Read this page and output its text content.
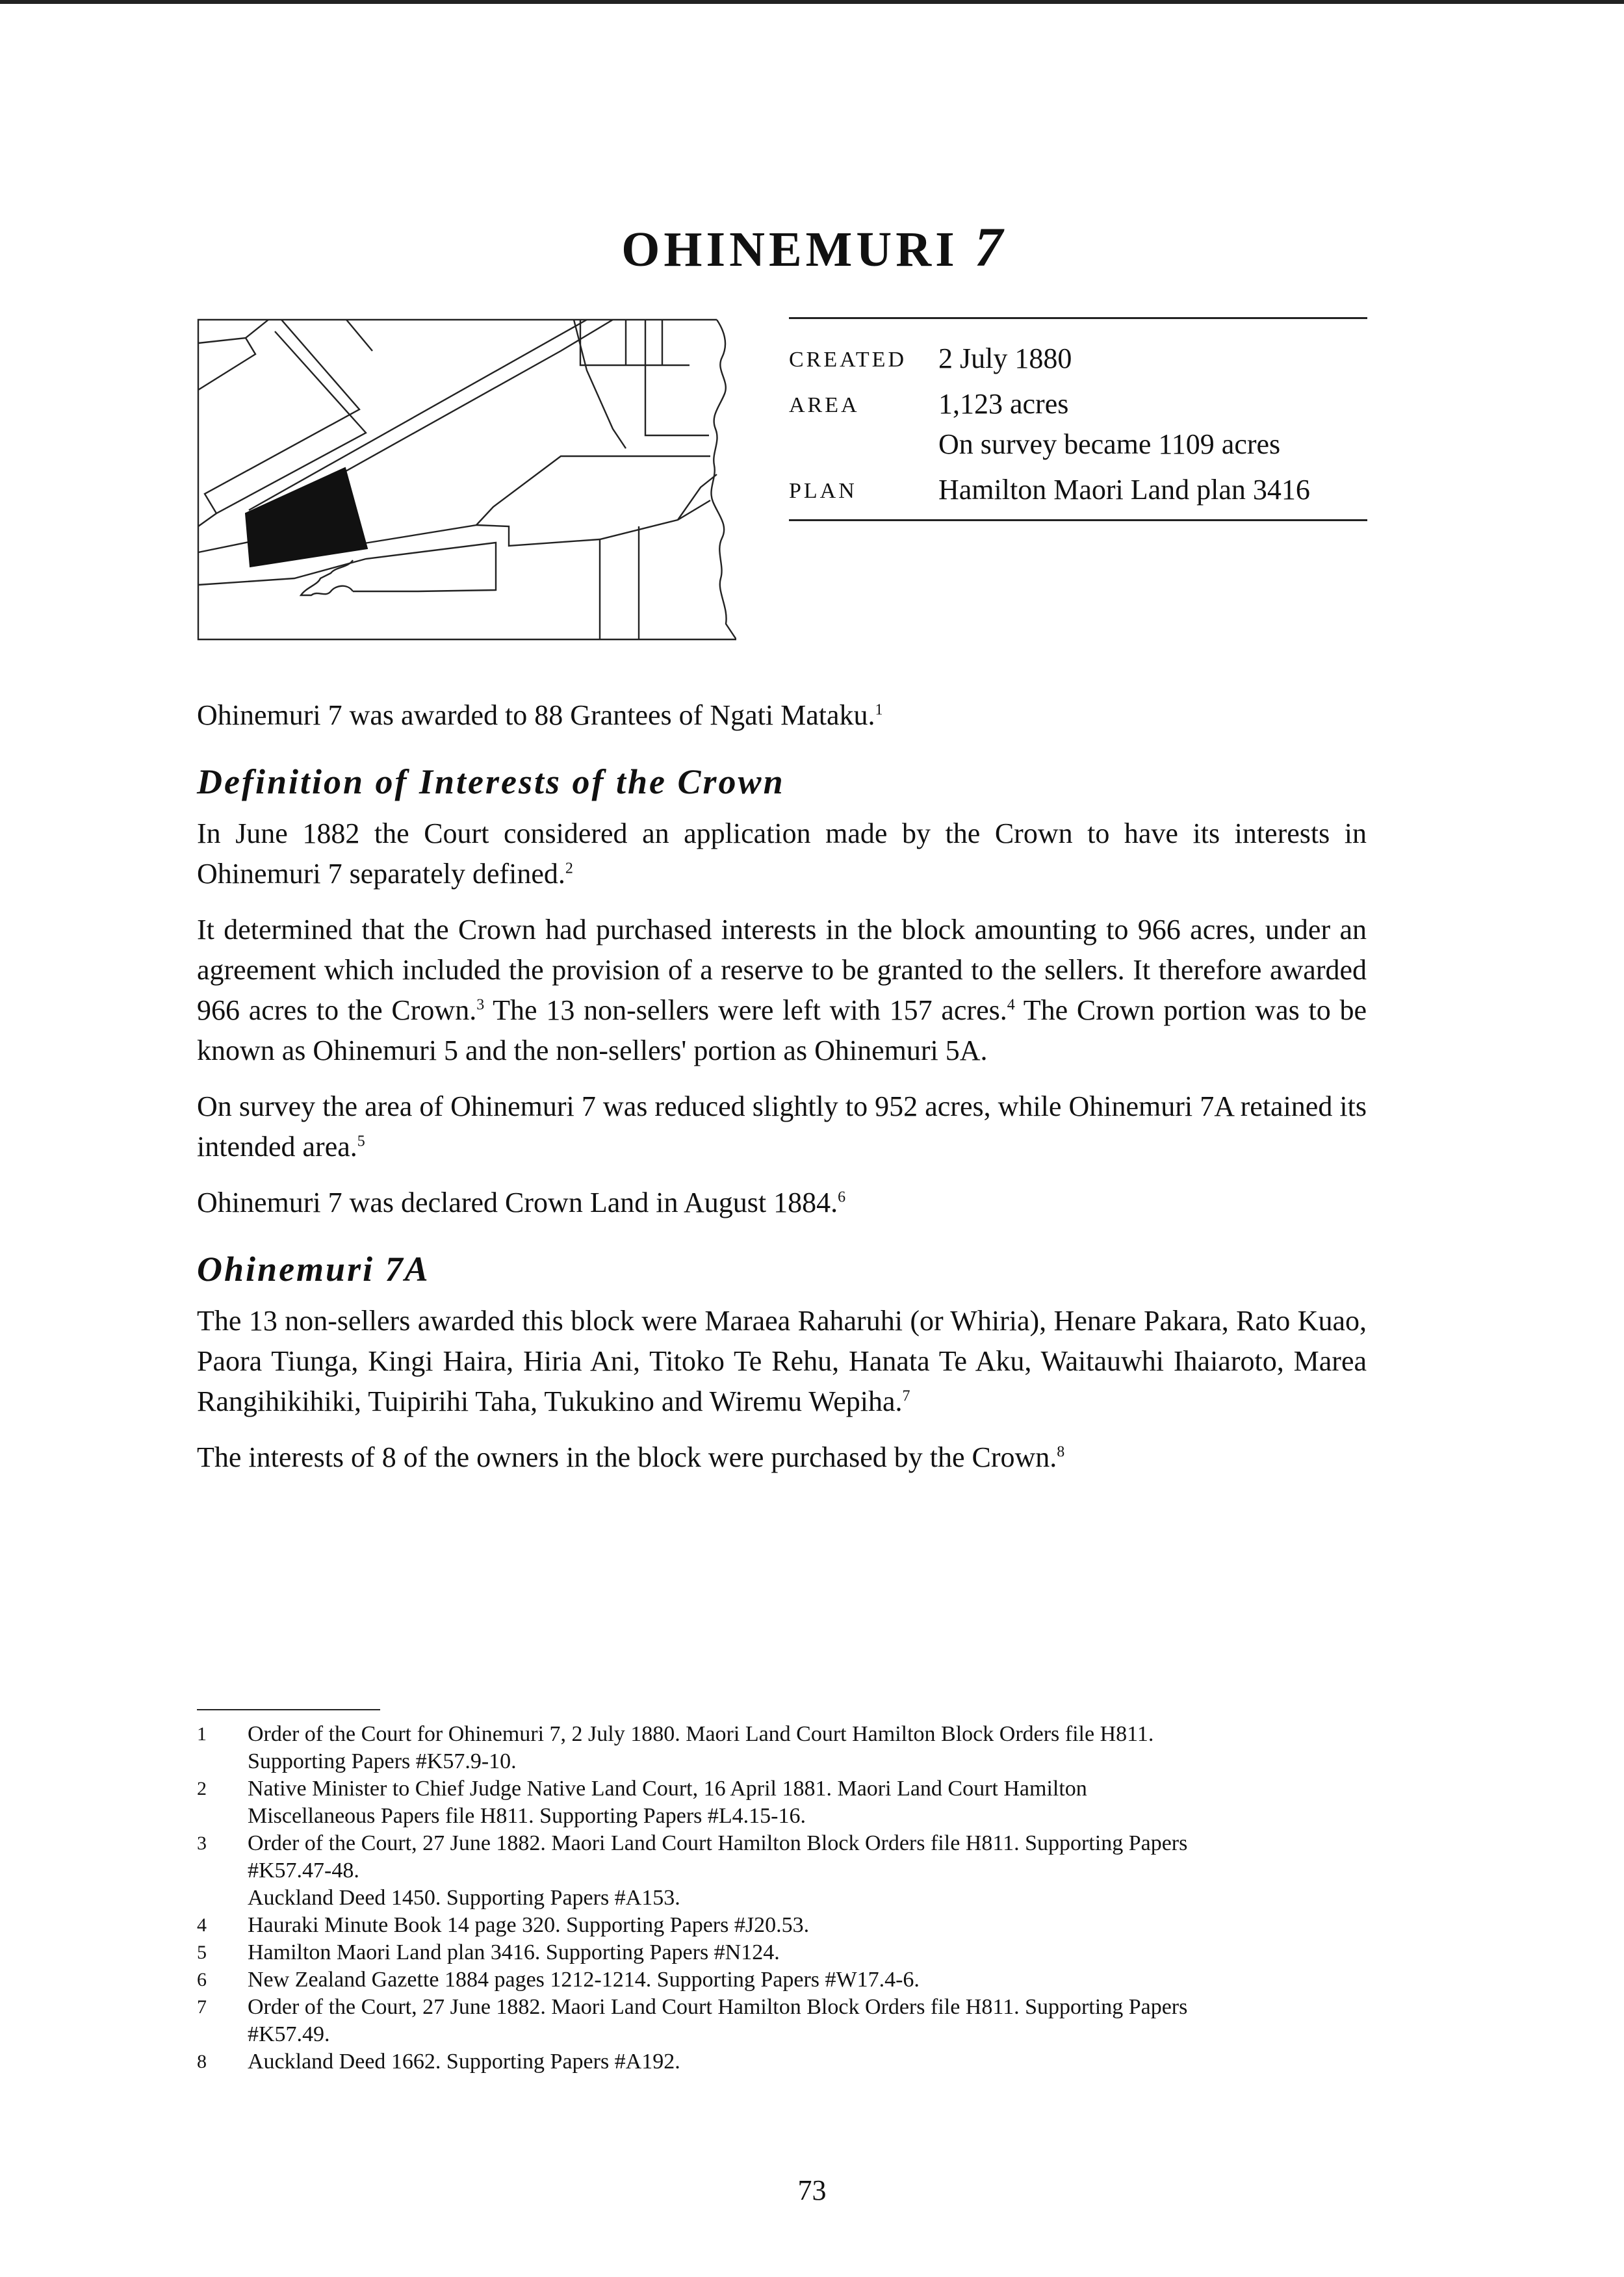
OHINEMURI 7
CREATED	2 July 1880
AREA	1,123 acres
On survey became 1109 acres
PLAN	Hamilton Maori Land plan 3416

Ohinemuri 7 was awarded to 88 Grantees of Ngati Mataku.$^1$

Definition of Interests of the Crown

In June 1882 the Court considered an application made by the Crown to have its interests in Ohinemuri 7 separately defined.$^2$

It determined that the Crown had purchased interests in the block amounting to 966 acres, under an agreement which included the provision of a reserve to be granted to the sellers. It therefore awarded 966 acres to the Crown.$^3$ The 13 non-sellers were left with 157 acres.$^4$ The Crown portion was to be known as Ohinemuri 5 and the non-sellers' portion as Ohinemuri 5A.

On survey the area of Ohinemuri 7 was reduced slightly to 952 acres, while Ohinemuri 7A retained its intended area.$^5$

Ohinemuri 7 was declared Crown Land in August 1884.$^6$

Ohinemuri 7A

The 13 non-sellers awarded this block were Maraea Raharuhi (or Whiria), Henare Pakara, Rato Kuao, Paora Tiunga, Kingi Haira, Hiria Ani, Titoko Te Rehu, Hanata Te Aku, Waitauwhi Ihaiaroto, Marea Rangihikihiki, Tuipirihi Taha, Tukukino and Wiremu Wepiha.$^7$

The interests of 8 of the owners in the block were purchased by the Crown.$^8$

1	Order of the Court for Ohinemuri 7, 2 July 1880. Maori Land Court Hamilton Block Orders file H811.
Supporting Papers #K57.9-10.
2	Native Minister to Chief Judge Native Land Court, 16 April 1881. Maori Land Court Hamilton
Miscellaneous Papers file H811. Supporting Papers #L4.15-16.
3	Order of the Court, 27 June 1882. Maori Land Court Hamilton Block Orders file H811. Supporting Papers
#K57.47-48.
Auckland Deed 1450. Supporting Papers #A153.
4	Hauraki Minute Book 14 page 320. Supporting Papers #J20.53.
5	Hamilton Maori Land plan 3416. Supporting Papers #N124.
6	New Zealand Gazette 1884 pages 1212-1214. Supporting Papers #W17.4-6.
7	Order of the Court, 27 June 1882. Maori Land Court Hamilton Block Orders file H811. Supporting Papers
#K57.49.
8	Auckland Deed 1662. Supporting Papers #A192.
73
